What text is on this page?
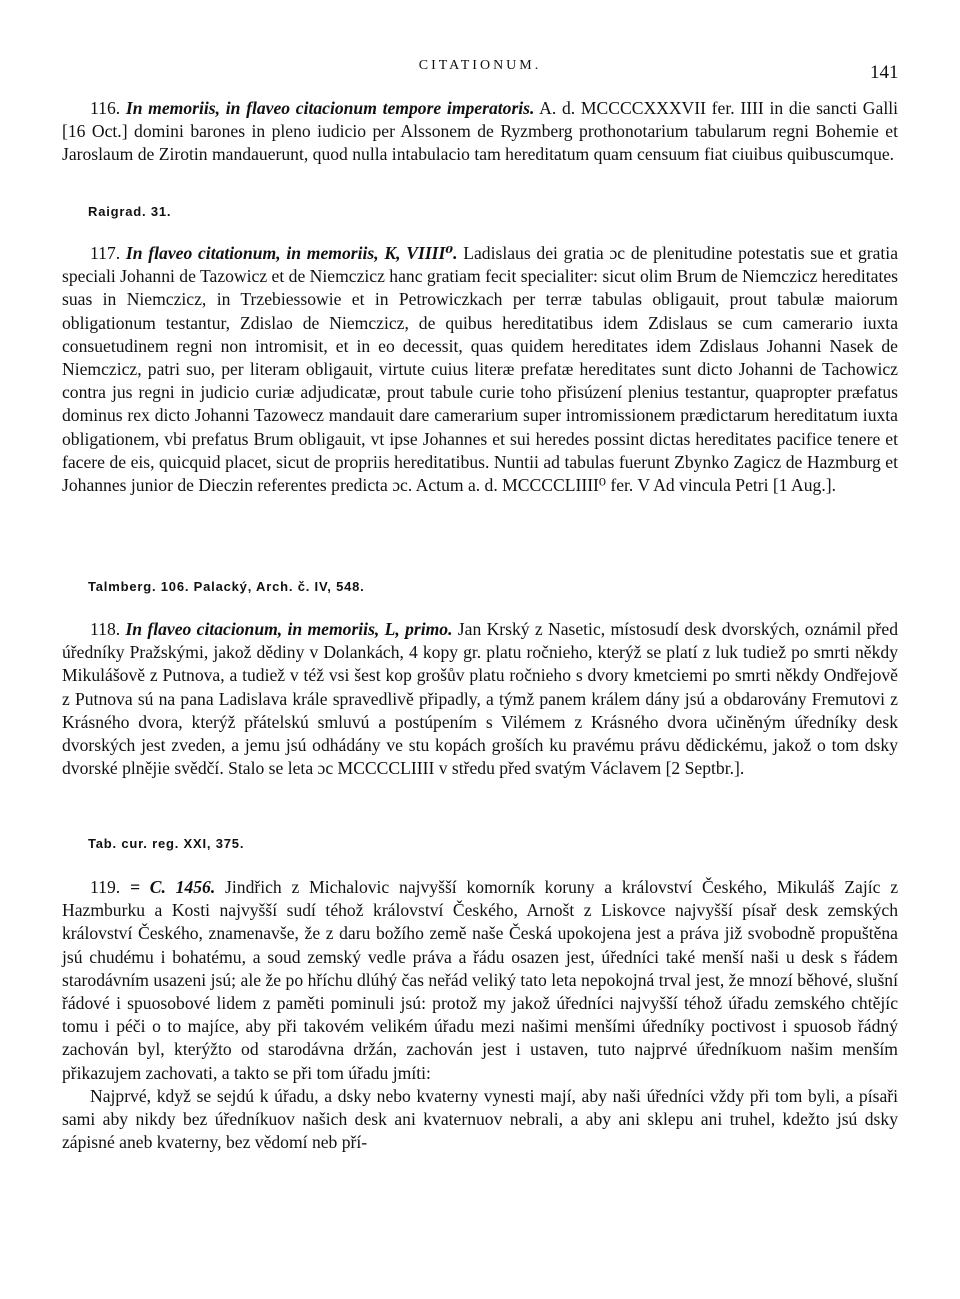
CITATIONUM.	141

116. In memoriis, in flaveo citacionum tempore imperatoris. A. d. MCCCCXXXVII fer. IIII in die sancti Galli [16 Oct.] domini barones in pleno iudicio per Alssonem de Ryzmberg prothonotarium tabularum regni Bohemie et Jaroslaum de Zirotin mandauerunt, quod nulla intabulacio tam hereditatum quam censuum fiat ciuibus quibuscumque.

Raigrad. 31.

117. In flaveo citationum, in memoriis, K, VIIII⁰. Ladislaus dei gratia ɔc de plenitudine potestatis sue et gratia speciali Johanni de Tazowicz et de Niemczicz hanc gratiam fecit specialiter: sicut olim Brum de Niemczicz hereditates suas in Niemczicz, in Trzebiessowie et in Petrowiczkach per terræ tabulas obligauit, prout tabulæ maiorum obligationum testantur, Zdislao de Niemczicz, de quibus hereditatibus idem Zdislaus se cum camerario iuxta consuetudinem regni non intromisit, et in eo decessit, quas quidem hereditates idem Zdislaus Johanni Nasek de Niemczicz, patri suo, per literam obligauit, virtute cuius literæ prefatæ hereditates sunt dicto Johanni de Tachowicz contra jus regni in judicio curiæ adjudicatæ, prout tabule curie toho přisúzení plenius testantur, quapropter præfatus dominus rex dicto Johanni Tazowecz mandauit dare camerarium super intromissionem prædictarum hereditatum iuxta obligationem, vbi prefatus Brum obligauit, vt ipse Johannes et sui heredes possint dictas hereditates pacifice tenere et facere de eis, quicquid placet, sicut de propriis hereditatibus. Nuntii ad tabulas fuerunt Zbynko Zagicz de Hazmburg et Johannes junior de Dieczin referentes predicta ɔc. Actum a. d. MCCCCLIIII⁰ fer. V Ad vincula Petri [1 Aug.].

Talmberg. 106. Palacký, Arch. č. IV, 548.

118. In flaveo citacionum, in memoriis, L, primo. Jan Krský z Nasetic, místosudí desk dvorských, oznámil před úředníky Pražskými, jakož dědiny v Dolankách, 4 kopy gr. platu ročnieho, kterýž se platí z luk tudiež po smrti někdy Mikulášově z Putnova, a tudiež v též vsi šest kop grošův platu ročnieho s dvory kmetciemi po smrti někdy Ondřejově z Putnova sú na pana Ladislava krále spravedlivě připadly, a týmž panem králem dány jsú a obdarovány Fremutovi z Krásného dvora, kterýž přátelskú smluvú a postúpením s Vilémem z Krásného dvora učiněným úředníky desk dvorských jest zveden, a jemu jsú odhádány ve stu kopách groších ku pravému právu dědickému, jakož o tom dsky dvorské plnějie svědčí. Stalo se leta ɔc MCCCCLIIII v středu před svatým Václavem [2 Septbr.].

Tab. cur. reg. XXI, 375.

119. = C. 1456. Jindřich z Michalovic najvyšší komorník koruny a království Českého, Mikuláš Zajíc z Hazmburku a Kosti najvyšší sudí téhož království Českého, Arnošt z Liskovce najvyšší písař desk zemských království Českého, znamenavše, že z daru božího země naše Česká upokojena jest a práva již svobodně propuštěna jsú chudému i bohatému, a soud zemský vedle práva a řádu osazen jest, úředníci také menší naši u desk s řádem starodávním usazeni jsú; ale že po hříchu dlúhý čas neřád veliký tato leta nepokojná trval jest, že mnozí běhové, slušní řádové i spuosobové lidem z paměti pominuli jsú: protož my jakož úředníci najvyšší téhož úřadu zemského chtějíc tomu i péči o to majíce, aby při takovém velikém úřadu mezi našimi menšími úředníky poctivost i spuosob řádný zachován byl, kterýžto od starodávna držán, zachován jest i ustaven, tuto najprvé úředníkuom našim menším přikazujem zachovati, a takto se při tom úřadu jmíti:

Najprvé, když se sejdú k úřadu, a dsky nebo kvaterny vynesti mají, aby naši úředníci vždy při tom byli, a písaři sami aby nikdy bez úředníkuov našich desk ani kvaternuov nebrali, a aby ani sklepu ani truhel, kdežto jsú dsky zápisné aneb kvaterny, bez vědomí neb pří-
